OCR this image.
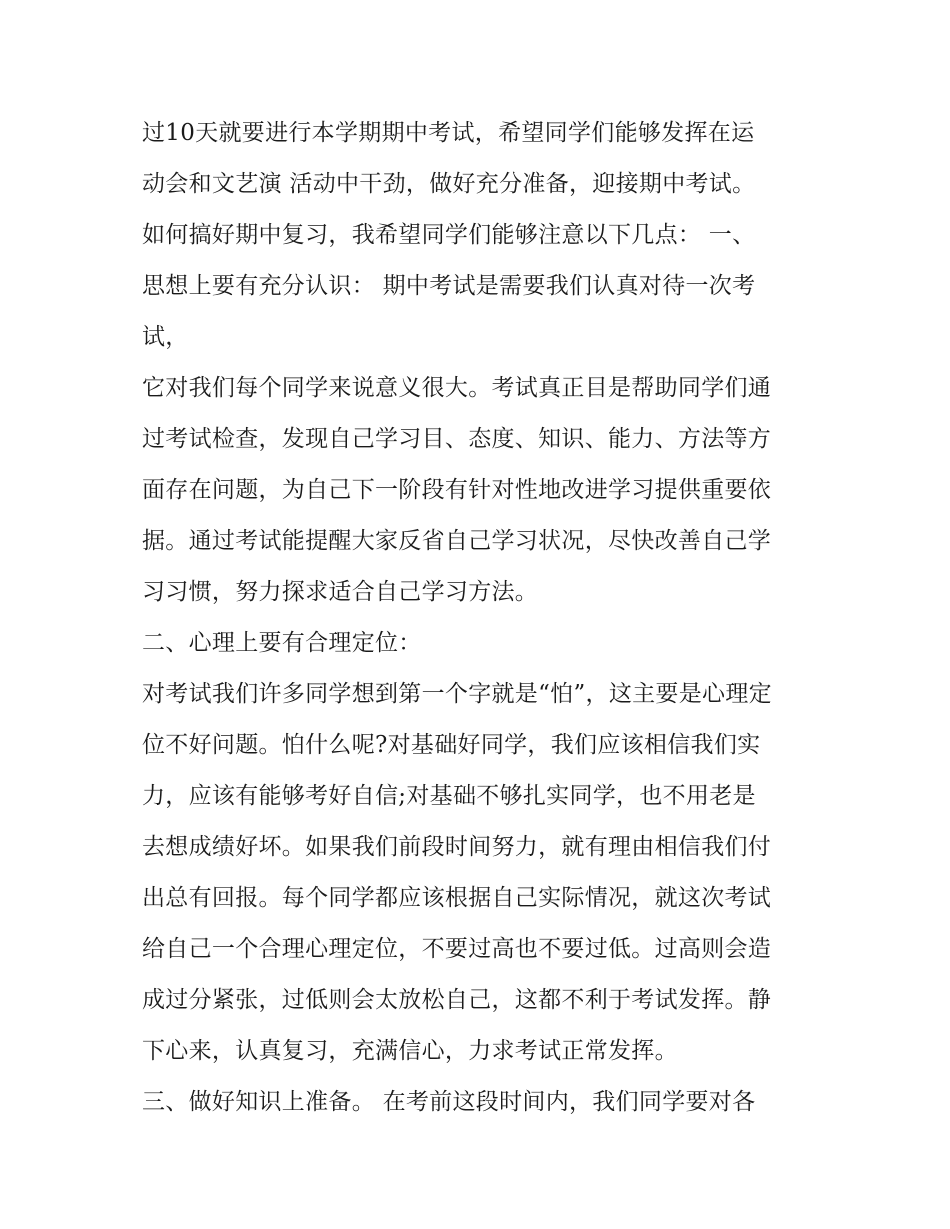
过10天就要进行本学期期中考试，希望同学们能够发挥在运
动会和文艺演 活动中干劲，做好充分准备，迎接期中考试。
如何搞好期中复习，我希望同学们能够注意以下几点： 一、
思想上要有充分认识： 期中考试是需要我们认真对待一次考
试，
它对我们每个同学来说意义很大。考试真正目是帮助同学们通
过考试检查，发现自己学习目、态度、知识、能力、方法等方
面存在问题，为自己下一阶段有针对性地改进学习提供重要依
据。通过考试能提醒大家反省自己学习状况，尽快改善自己学
习习惯，努力探求适合自己学习方法。
二、心理上要有合理定位：
对考试我们许多同学想到第一个字就是“怕”，这主要是心理定
位不好问题。怕什么呢?对基础好同学，我们应该相信我们实
力，应该有能够考好自信;对基础不够扎实同学，也不用老是
去想成绩好坏。如果我们前段时间努力，就有理由相信我们付
出总有回报。每个同学都应该根据自己实际情况，就这次考试
给自己一个合理心理定位，不要过高也不要过低。过高则会造
成过分紧张，过低则会太放松自己，这都不利于考试发挥。静
下心来，认真复习，充满信心，力求考试正常发挥。
三、做好知识上准备。 在考前这段时间内，我们同学要对各
